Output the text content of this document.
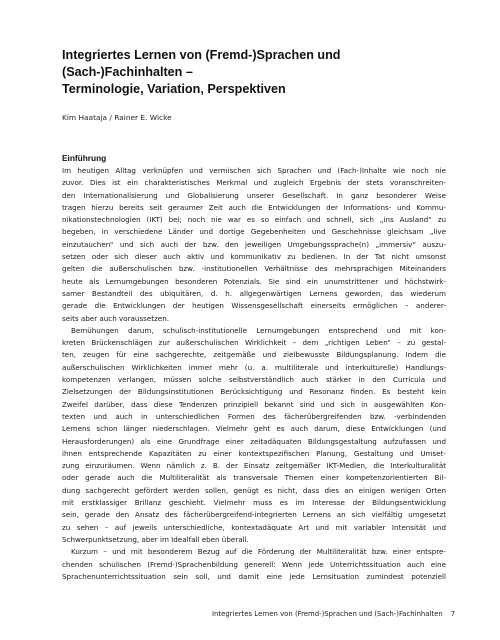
Integriertes Lernen von (Fremd-)Sprachen und (Sach-)Fachinhalten –
Terminologie, Variation, Perspektiven
Kim Haataja / Rainer E. Wicke
Einführung
Im heutigen Alltag verknüpfen und vermischen sich Sprachen und (Fach-)Inhalte wie noch nie
zuvor. Dies ist ein charakteristisches Merkmal und zugleich Ergebnis der stets voranschreiten-
den Internationalisierung und Globalisierung unserer Gesellschaft. In ganz besonderer Weise
tragen hierzu bereits seit geraumer Zeit auch die Entwicklungen der Informations- und Kommu-
nikationstechnologien (IKT) bei; noch nie war es so einfach und schnell, sich „ins Ausland“ zu
begeben, in verschiedene Länder und dortige Gegebenheiten und Geschehnisse gleichsam „live
einzutauchen“ und sich auch der bzw. den jeweiligen Umgebungssprache(n) „immersiv“ auszu-
setzen oder sich dieser auch aktiv und kommunikativ zu bedienen. In der Tat nicht umsonst
gelten die außerschulischen bzw. -institutionellen Verhältnisse des mehrsprachigen Miteinanders
heute als Lernumgebungen besonderen Potenzials. Sie sind ein unumstrittener und höchstwirk-
samer Bestandteil des ubiquitären, d. h. allgegenwärtigen Lernens geworden, das wiederum
gerade die Entwicklungen der heutigen Wissensgesellschaft einerseits ermöglichen – anderer-
seits aber auch voraussetzen.
Bemühungen darum, schulisch-institutionelle Lernumgebungen entsprechend und mit kon-
kreten Brückenschlägen zur außerschulischen Wirklichkeit – dem „richtigen Leben“ – zu gestal-
ten, zeugen für eine sachgerechte, zeitgemäße und zielbewusste Bildungsplanung. Indem die
außerschulischen Wirklichkeiten immer mehr (u. a. multiliterale und interkulturelle) Handlungs-
kompetenzen verlangen, müssen solche selbstverständlich auch stärker in den Curricula und
Zielsetzungen der Bildungsinstitutionen Berücksichtigung und Resonanz finden. Es besteht kein
Zweifel darüber, dass diese Tendenzen prinzipiell bekannt sind und sich in ausgewählten Kon-
texten und auch in unterschiedlichen Formen des fächerübergreifenden bzw. -verbindenden
Lernens schon länger niederschlagen. Vielmehr geht es auch darum, diese Entwicklungen (und
Herausforderungen) als eine Grundfrage einer zeitadäquaten Bildungsgestaltung aufzufassen und
ihnen entsprechende Kapazitäten zu einer kontextspezifischen Planung, Gestaltung und Umset-
zung einzuräumen. Wenn nämlich z. B. der Einsatz zeitgemäßer IKT-Medien, die Interkulturalität
oder gerade auch die Multiliteralität als transversale Themen einer kompetenzorientierten Bil-
dung sachgerecht gefördert werden sollen, genügt es nicht, dass dies an einigen wenigen Orten
mit erstklassiger Brillanz geschieht. Vielmehr muss es im Interesse der Bildungsentwicklung
sein, gerade den Ansatz des fächerübergreifend-integrierten Lernens an sich vielfältig umgesetzt
zu sehen – auf jeweils unterschiedliche, kontextadäquate Art und mit variabler Intensität und
Schwerpunktsetzung, aber im Idealfall eben überall.
Kurzum – und mit besonderem Bezug auf die Förderung der Multiliteralität bzw. einer entspre-
chenden schulischen (Fremd-)Sprachenbildung generell: Wenn jede Unterrichtssituation auch eine
Sprachenunterrichtssituation sein soll, und damit eine jede Lernsituation zumindest potenziell
Integriertes Lernen von (Fremd-)Sprachen und (Sach-)Fachinhalten 7
